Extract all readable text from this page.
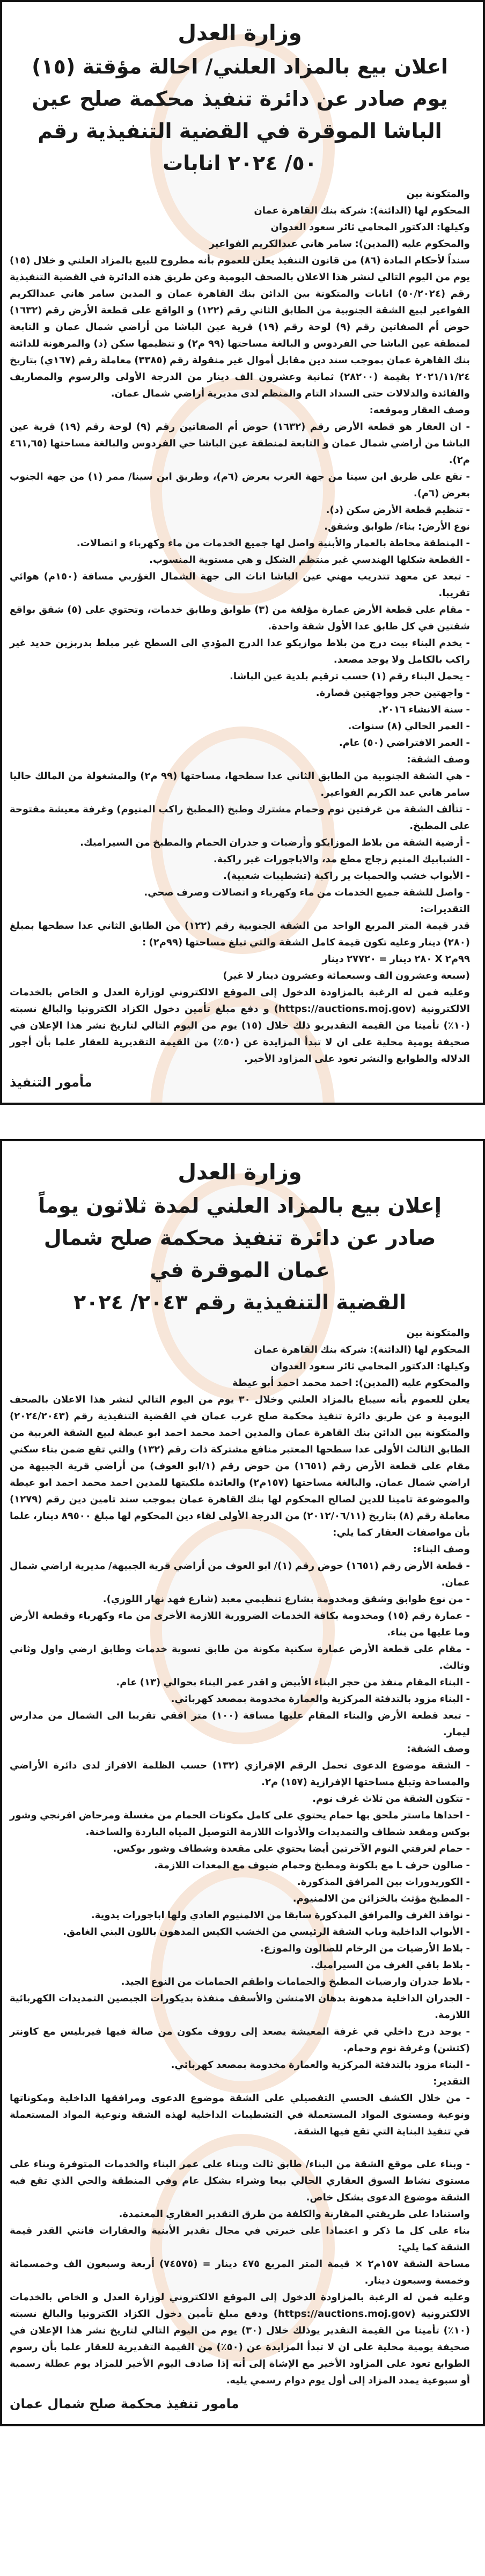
وزارة العدل
اعلان بيع بالمزاد العلني/ احالة مؤقتة (١٥)
يوم صادر عن دائرة تنفيذ محكمة صلح عين
الباشا الموقرة في القضية التنفيذية رقم
٥٠/ ٢٠٢٤ انابات

والمتكونة بين

المحكوم لها (الدائنة): شركة بنك القاهرة عمان

وكيلها: الدكتور المحامي ثائر سعود العدوان

والمحكوم عليه (المدين): سامر هاني عبدالكريم الفواعير

سنداً لأحكام المادة (٨٦) من قانون التنفيذ يعلن للعموم بأنه مطروح للبيع بالمزاد العلني و خلال (١٥) يوم من اليوم التالي لنشر هذا الاعلان بالصحف اليومية وعن طريق هذه الدائرة في القضية التنفيذية رقم (٥٠/٢٠٢٤) انابات والمتكونة بين الدائن بنك القاهرة عمان و المدين سامر هاني عبدالكريم الفواعير لبيع الشقة الجنوبية من الطابق الثاني رقم (١٢٢) و الواقع على قطعة الأرض رقم (١٦٣٢) حوض أم الصفاتين رقم (٩) لوحة رقم (١٩) قرية عين الباشا من أراضي شمال عمان و التابعة لمنطقة عين الباشا حي الفردوس و البالغة مساحتها (٩٩ م٢) و تنظيمها سكن (د) والمرهونة للدائنة بنك القاهرة عمان بموجب سند دين مقابل أموال غير منقولة رقم (٣٣٨٥) معاملة رقم (١٦٧ي) بتاريخ ٢٠٢١/١١/٢٤ بقيمة (٢٨٢٠٠) ثمانية وعشرون الف دينار من الدرجة الأولى والرسوم والمصاريف والفائدة والدلالات حتى السداد التام والمنظم لدى مديرية أراضي شمال عمان.

وصف العقار وموقعه:

- ان العقار هو قطعة الأرض رقم (١٦٣٢) حوض أم الصفاتين رقم (٩) لوحة رقم (١٩) قرية عين الباشا من أراضي شمال عمان و التابعة لمنطقة عين الباشا حي الفردوس والبالغة مساحتها (٤٦١,٦٥ م٢).

- تقع على طريق ابن سينا من جهة الغرب بعرض (٦م)، وطريق ابن سينا/ ممر (١) من جهة الجنوب بعرض (٦م).

- تنظيم قطعة الأرض سكن (د).

نوع الأرض: بناء/ طوابق وشقق.

- المنطقة محاطة بالعمار والأبنية واصل لها جميع الخدمات من ماء وكهرباء و اتصالات.

- القطعة شكلها الهندسي غير منتظم الشكل و هي مستوية المنسوب.

- تبعد عن معهد تتدريب مهني عين الباشا اناث الى جهة الشمال الغؤربي مسافة (١٥٠م) هوائي تقريبا.

- مقام على قطعة الأرض عمارة مؤلفة من (٣) طوابق وطابق خدمات، وتحتوي على (٥) شقق بواقع شقتين في كل طابق عدا الأول شقة واحدة.

- يخدم البناء بيت درج من بلاط موازيكو عدا الدرج المؤدي الى السطح غير مبلط بدربزين حديد غير راكب بالكامل ولا يوجد مصعد.

- يحمل البناء رقم (١) حسب ترقيم بلدية عين الباشا.

- واجهتين حجر وواجهتين قصارة.

- سنة الانشاء ٢٠١٦.

- العمر الحالي (٨) سنوات.

- العمر الافتراضي (٥٠) عام.

وصف الشقة:

- هي الشقة الجنوبية من الطابق الثاني عدا سطحها، مساحتها (٩٩ م٢) والمشغولة من المالك حاليا سامر هاني عبد الكريم الفواعير.

- تتألف الشقة من غرفتين نوم وحمام مشترك وطبخ (المطبخ راكب المنيوم) وغرفة معيشة مفتوحة على المطبخ.

- أرضية الشقة من بلاط الموزايكو وأرضيات و جدران الحمام والمطبخ من السيراميك.

- الشبابيك المنيم زجاج مطع مد، والاباجورات غير راكبة.

- الأبواب خشب والحميات ير راكبة (تشطيبات شعبية).

- واصل للشقة جميع الخدمات من ماء وكهرباء و اتصالات وصرف صحي.

التقديرات:

قدر قيمة المتر المربع الواحد من الشقة الجنوبية رقم (١٢٢) من الطابق الثاني عدا سطحها بمبلغ (٢٨٠) دينار وعليه تكون قيمة كامل الشقة والتي تبلغ مساحتها (٩٩م٢) :

٩٩م٢ X ٢٨٠ دينار = ٢٧٧٢٠ دينار

(سبعة وعشرون الف وسبعمائة وعشرون دينار لا غير)

وعليه فمن له الرغبة بالمزاودة الدخول إلى الموقع الالكتروني لوزارة العدل و الخاص بالخدمات الالكترونية (https://auctions.moj.gov) و دفع مبلغ تأمين دخول الكزاد الكترونيا والبالغ نسبته (١٠٪) تأمينا من القيمة التقديريو ذلك خلال (١٥) يوم من اليوم التالي لتاريخ نشر هذا الإعلان في صحيفة يومية محلية على ان لا تبدأ المزايدة عن (٥٠٪) من القيمة التقديرية للعقار علما بأن أجور الدلاله والطوابع والنشر تعود على المزاود الأخير.

مأمور التنفيذ
وزارة العدل
إعلان بيع بالمزاد العلني لمدة ثلاثون يوماً
صادر عن دائرة تنفيذ محكمة صلح شمال
عمان الموقرة في
القضية التنفيذية رقم ٢٠٤٣/ ٢٠٢٤

والمتكونة بين

المحكوم لها (الدائنة): شركة بنك القاهرة عمان

وكيلها: الدكتور المحامي ثائر سعود العدوان

والمحكوم عليه (المدين): احمد محمد احمد أبو عيطة

يعلن للعموم بأنه سيباع بالمزاد العلني وخلال ٣٠ يوم من اليوم التالي لنشر هذا الاعلان بالصحف اليومية و عن طريق دائرة تنفيذ محكمة صلح غرب عمان في القضية التنفيذية رقم (٢٠٢٤/٢٠٤٣) والمتكونة بين الدائن بنك القاهرة عمان والمدين احمد محمد احمد ابو عيطة لبيع الشقة الغربية من الطابق الثالث الأولى عدا سطحها المعتبر منافع مشتركة ذات رقم (١٣٢) والتي تقع ضمن بناء سكني مقام على قطعة الأرض رقم (١٦٥١) من حوض رقم (١/ابو العوف) من أراضي قرية الجبيهة من اراضي شمال عمان. والبالغة مساحتها (١٥٧م٢) والعائدة ملكيتها للمدين احمد محمد احمد ابو عيطة والموضوعة تامينا للدين لصالح المحكوم لها بنك القاهرة عمان بموجب سند تامين دين رقم (١٢٧٩) معاملة رقم (٨) بتاريخ (٢٠١٢/٠٦/١١) من الدرجة الأولى لقاء دين المحكوم لها مبلغ ٨٩٥٠٠ دينار، علما بأن مواصفات العقار كما يلي:

وصف البناء:

- قطعة الأرض رقم (١٦٥١) حوض رقم (١)/ ابو العوف من أراضي قرية الجبيهة/ مديرية اراضي شمال عمان.

- من نوع طوابق وشقق ومخدومة بشارع تنظيمي معبد (شارع فهد نهار اللوزي).

- عمارة رقم (١٥) ومخدومة بكافة الخدمات الضرورية اللازمة الأخرى من ماء وكهرباء وقطعة الأرض وما عليها من بناء.

- مقام على قطعة الأرض عمارة سكنية مكونة من طابق تسوية خدمات وطابق ارضي واول وثاني وثالث.

- البناء المقام منفذ من حجر البناء الأبيض و اقدر عمر البناء بحوالي (١٣) عام.

- البناء مزود بالتدفئة المركزية والعمارة مخدومة بمصعد كهربائي.

- تبعد قطعة الأرض والبناء المقام عليها مسافة (١٠٠) متر افقي تقريبا الى الشمال من مدارس ليمار.

وصف الشقة:

- الشقة موضوع الدعوى تحمل الرقم الإفرازي (١٣٢) حسب الظلمة الافراز لدى دائرة الأراضي والمساحة وتبلغ مساحتها الإفرازية (١٥٧) م٢.

- تتكون الشقة من ثلاث غرف نوم.

- احداها ماستر ملحق بها حمام يحتوي على كامل مكونات الحمام من مغسلة ومرحاض افرنجي وشور بوكس ومقعد شطاف والتمديدات والأدوات اللازمة التوصيل المياه الباردة والساخنة.

- حمام لغرفتي النوم الآخرتين أيضا يحتوي على مقعدة وشطاف وشور بوكس.

- صالون حرف L مع بلكونة ومطبخ وحمام ضيوف مع المعدات اللازمة.

- الكوريدورات بين المرافق المذكورة.

- المطبخ مؤثث بالخزائن من الالمنيوم.

- نوافذ الغرف والمرافق المذكورة سابقا من الالمنيوم العادي ولها اباجورات يدوية.

- الأبواب الداخلية وباب الشقة الرئيسي من الخشب الكيس المدهون باللون البني الغامق.

- بلاط الأرضيات من الرخام للصالون والموزع.

- بلاط باقي الغرف من السيراميك.

- بلاط جدران وارضيات المطبخ والحمامات واطقم الحمامات من النوع الجيد.

- الجدران الداخلية مدهونة بدهان الامنشن والأسقف منفذة بديكورات الجبصين التمديدات الكهربائية اللازمة.

- يوجد درج داخلي في غرفة المعيشة يصعد إلى رووف مكون من صالة فيها فيربليس مع كاونتر (كتشن) وغرفة نوم وحمام.

- البناء مزود بالتدفئة المركزية والعمارة مخدومة بمصعد كهربائي.

التقدير:

- من خلال الكشف الحسي التفصيلي على الشقة موضوع الدعوى ومرافقها الداخلية ومكوناتها ونوعية ومستوى المواد المستعملة في التشطيبات الداخلية لهذه الشقة ونوعية المواد المستعملة في تنفيذ البناية التي تقع فيها الشقة.

- وبناء على موقع الشقة من البناء/ طابق ثالث وبناء على عمر البناء والخدمات المتوفرة وبناء على مستوى نشاط السوق العقاري الحالي بيعا وشراء بشكل عام وفي المنطقة والحي الذي تقع فيه الشقة موضوع الدعوى بشكل خاص.

واستنادا على طريقتي المقارنة والكلفة من طرق التقدير العقاري المعتمدة.

بناء على كل ما ذكر و اعتمادا على خبرتي في مجال تقدير الأبنية والعقارات فانني القدر قيمة الشقة كما يلي:

مساحة الشقة ١٥٧م٢ × قيمة المتر المربع ٤٧٥ دينار = (٧٤٥٧٥) أربعة وسبعون الف وخمسمائة وخمسة وسبعون دينار.

وعليه فمن له الرغبة بالمزاودة الدخول إلى الموقع الالكتروني لوزارة العدل و الخاص بالخدمات الالكترونية (https://auctions.moj.gov) ودفع مبلغ تأمين دخول الكزاد الكترونيا والبالغ نسبته (١٠٪) تأمينا من القيمة التقدير يوذلك خلال (٣٠) يوم من اليوم التالي لتاريخ نشر هذا الإعلان في صحيفة يومية محلية على ان لا تبدأ المزايدة عن (٥٠٪) من القيمة التقديرية للعقار علما بأن رسوم الطوابع تعود على المزاود الأخير مع الإشاة إلى أنه إذا صادف اليوم الأخير للمزاد يوم عطلة رسمية أو سبوعية يمدد المزاد إلى أول يوم دوام رسمي يليه.

مامور تنفيذ محكمة صلح شمال عمان
